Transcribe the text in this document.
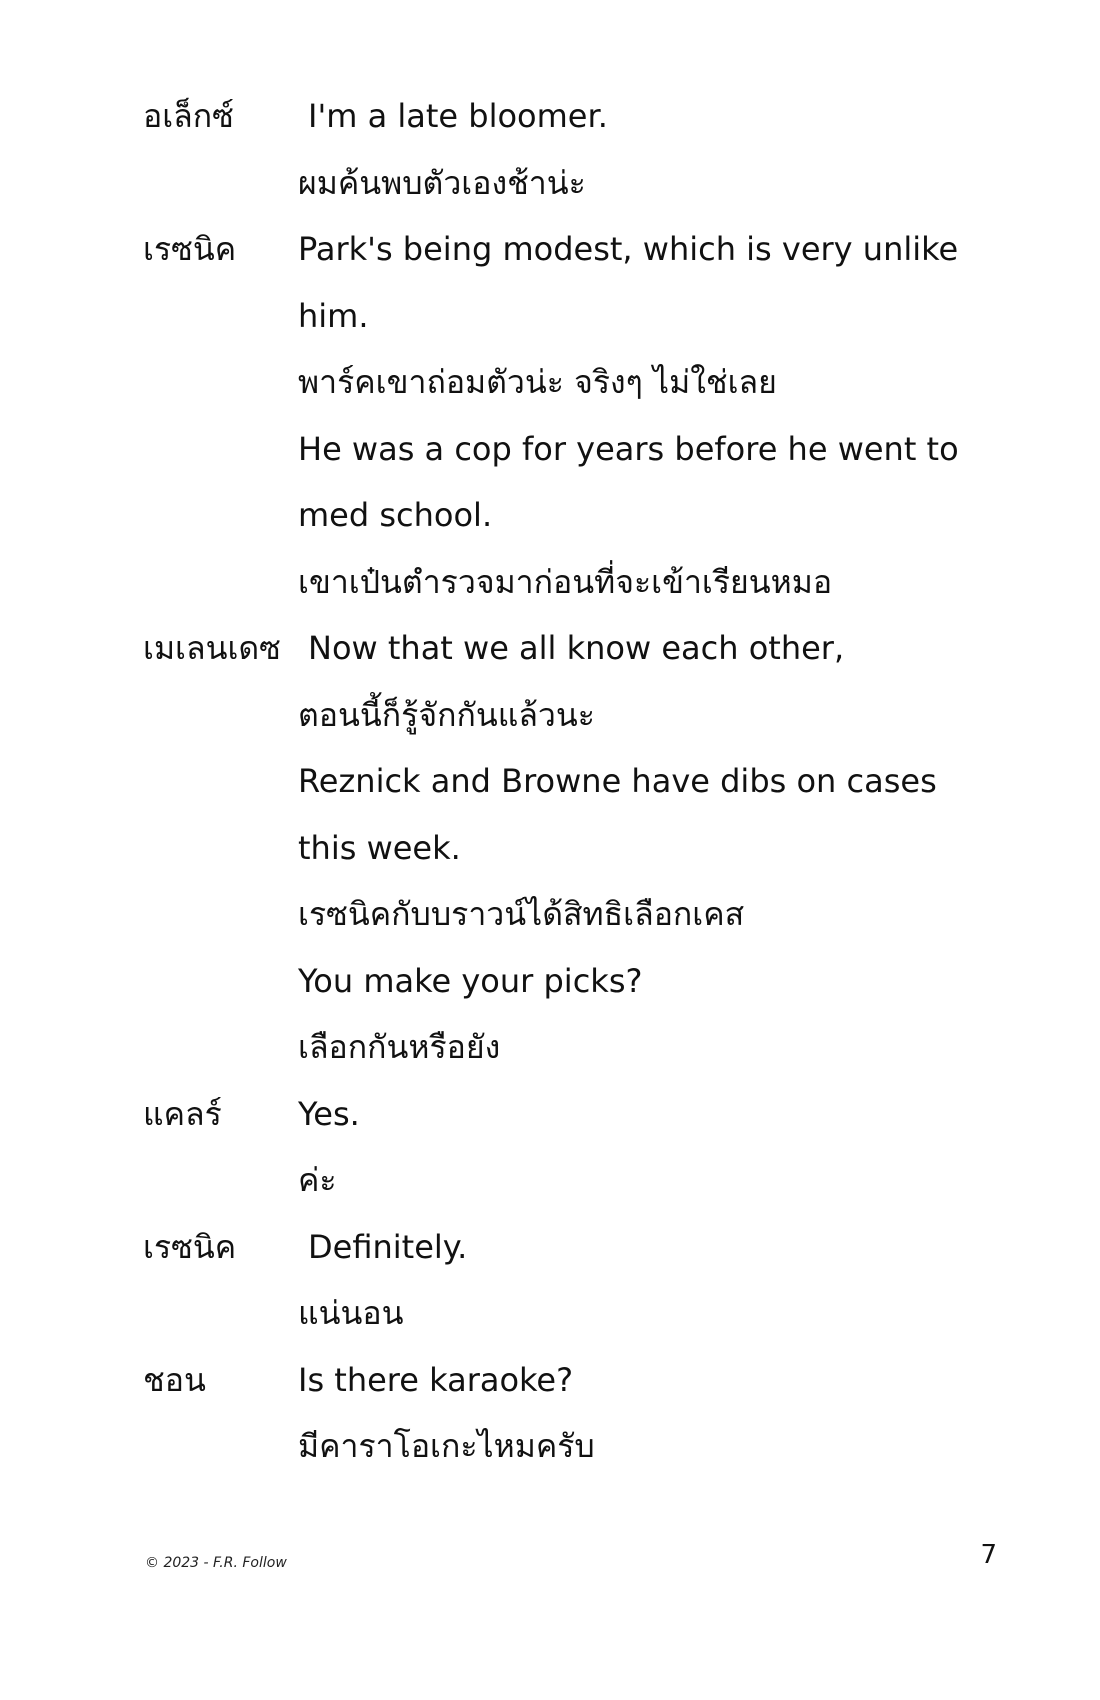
อเล็กซ์ I'm a late bloomer.
ผมค้นพบตัวเองช้าน่ะ
เรซนิค Park's being modest, which is very unlike
him.
พาร์คเขาถ่อมตัวน่ะ จริงๆ ไม่ใช่เลย
He was a cop for years before he went to
med school.
เขาเป๋นตำรวจมาก่อนที่จะเข้าเรียนหมอ
เมเลนเดซ Now that we all know each other,
ตอนนี้ก็รู้จักกันแล้วนะ
Reznick and Browne have dibs on cases
this week.
เรซนิคกับบราวน์ได้สิทธิเลือกเคส
You make your picks?
เลือกกันหรือยัง
แคลร์ Yes.
ค่ะ
เรซนิค Definitely.
แน่นอน
ชอน	Is there karaoke?
มีคาราโอเกะไหมครับ
© 2023 - F.R. Follow	7
